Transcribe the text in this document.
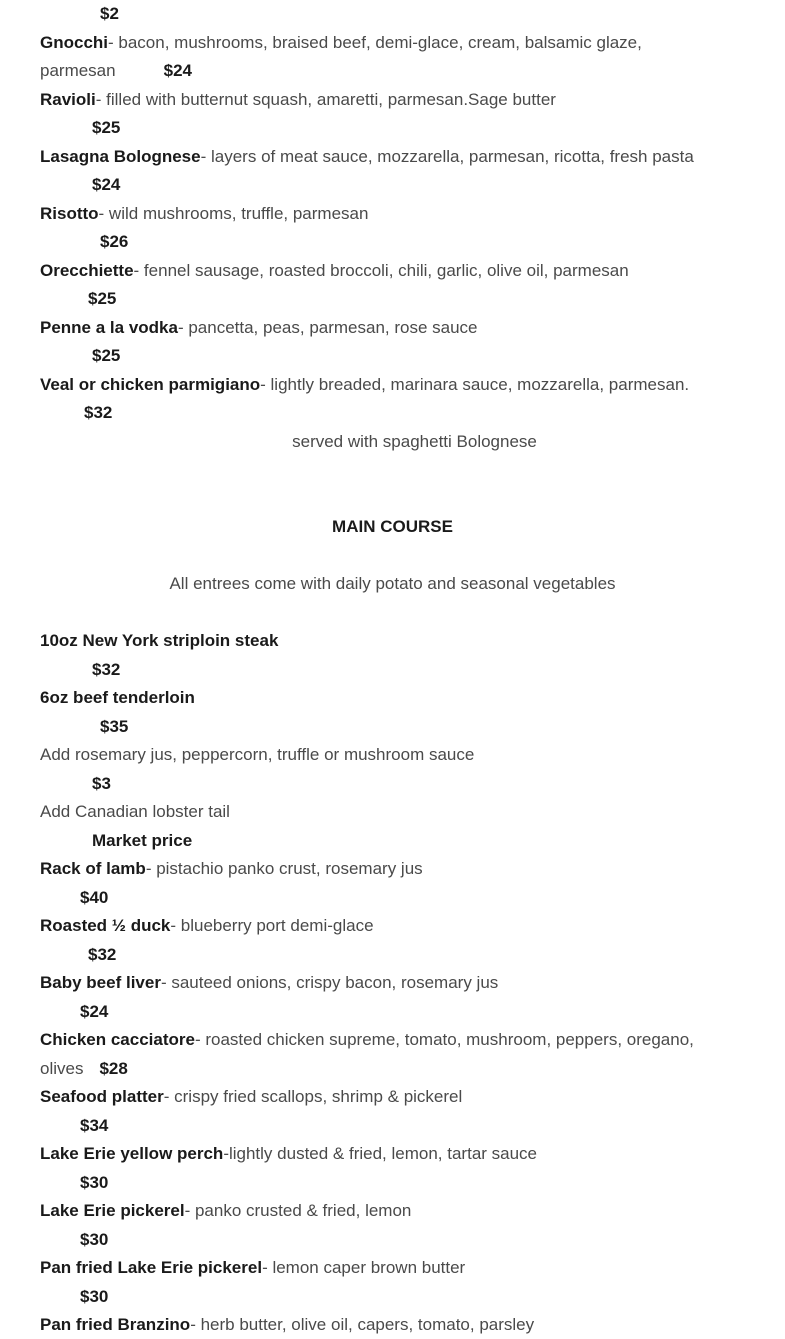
$2
Gnocchi- bacon, mushrooms, braised beef, demi-glace, cream, balsamic glaze,
parmesan	$24
Ravioli- filled with butternut squash, amaretti, parmesan.Sage butter
$25
Lasagna Bolognese- layers of meat sauce, mozzarella, parmesan, ricotta, fresh pasta
$24
Risotto- wild mushrooms, truffle, parmesan
$26
Orecchiette- fennel sausage, roasted broccoli, chili, garlic, olive oil, parmesan
$25
Penne a la vodka- pancetta, peas, parmesan, rose sauce
$25
Veal or chicken parmigiano- lightly breaded, marinara sauce, mozzarella, parmesan.
$32
served with spaghetti Bolognese
MAIN COURSE
All entrees come with daily potato and seasonal vegetables
10oz New York striploin steak
$32
6oz beef tenderloin
$35
Add rosemary jus, peppercorn, truffle or mushroom sauce
$3
Add Canadian lobster tail
Market price
Rack of lamb- pistachio panko crust, rosemary jus
$40
Roasted ½ duck- blueberry port demi-glace
$32
Baby beef liver- sauteed onions, crispy bacon, rosemary jus
$24
Chicken cacciatore- roasted chicken supreme, tomato, mushroom, peppers, oregano,
olives $28
Seafood platter- crispy fried scallops, shrimp & pickerel
$34
Lake Erie yellow perch-lightly dusted & fried, lemon, tartar sauce
$30
Lake Erie pickerel- panko crusted & fried, lemon
$30
Pan fried Lake Erie pickerel- lemon caper brown butter
$30
Pan fried Branzino- herb butter, olive oil, capers, tomato, parsley
